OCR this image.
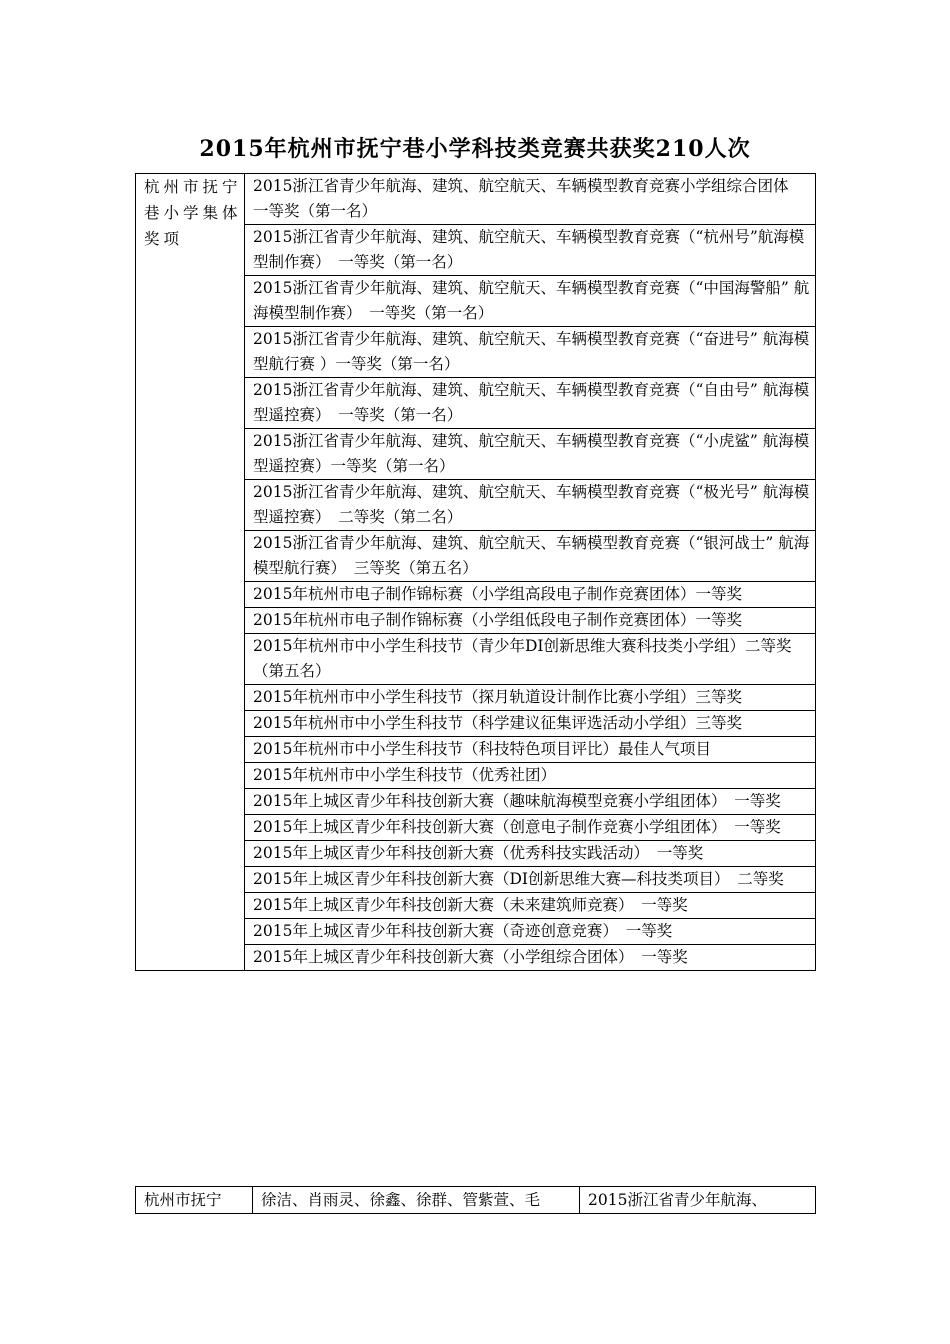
2015年杭州市抚宁巷小学科技类竞赛共获奖210人次
杭州市抚宁巷小学集体奖项	2015浙江省青少年航海、建筑、航空航天、车辆模型教育竞赛小学组综合团体　一等奖（第一名）
2015浙江省青少年航海、建筑、航空航天、车辆模型教育竞赛（“杭州号”航海模型制作赛）　一等奖（第一名）
2015浙江省青少年航海、建筑、航空航天、车辆模型教育竞赛（“中国海警船” 航海模型制作赛）　一等奖（第一名）
2015浙江省青少年航海、建筑、航空航天、车辆模型教育竞赛（“奋进号” 航海模型航行赛 ）一等奖（第一名）
2015浙江省青少年航海、建筑、航空航天、车辆模型教育竞赛（“自由号” 航海模型遥控赛）　一等奖（第一名）
2015浙江省青少年航海、建筑、航空航天、车辆模型教育竞赛（“小虎鲨” 航海模型遥控赛）一等奖（第一名）
2015浙江省青少年航海、建筑、航空航天、车辆模型教育竞赛（“极光号” 航海模型遥控赛）　二等奖（第二名）
2015浙江省青少年航海、建筑、航空航天、车辆模型教育竞赛（“银河战士” 航海模型航行赛）　三等奖（第五名）
2015年杭州市电子制作锦标赛（小学组高段电子制作竞赛团体）一等奖
2015年杭州市电子制作锦标赛（小学组低段电子制作竞赛团体）一等奖
2015年杭州市中小学生科技节（青少年DI创新思维大赛科技类小学组）二等奖（第五名）
2015年杭州市中小学生科技节（探月轨道设计制作比赛小学组）三等奖
2015年杭州市中小学生科技节（科学建议征集评选活动小学组）三等奖
2015年杭州市中小学生科技节（科技特色项目评比）最佳人气项目
2015年杭州市中小学生科技节（优秀社团）
2015年上城区青少年科技创新大赛（趣味航海模型竞赛小学组团体）　一等奖
2015年上城区青少年科技创新大赛（创意电子制作竞赛小学组团体）　一等奖
2015年上城区青少年科技创新大赛（优秀科技实践活动）　一等奖
2015年上城区青少年科技创新大赛（DI创新思维大赛—科技类项目）　二等奖
2015年上城区青少年科技创新大赛（未来建筑师竞赛）　一等奖
2015年上城区青少年科技创新大赛（奇迹创意竞赛）　一等奖
2015年上城区青少年科技创新大赛（小学组综合团体）　一等奖
杭州市抚宁	徐洁、肖雨灵、徐鑫、徐群、管紫萱、毛	2015浙江省青少年航海、
